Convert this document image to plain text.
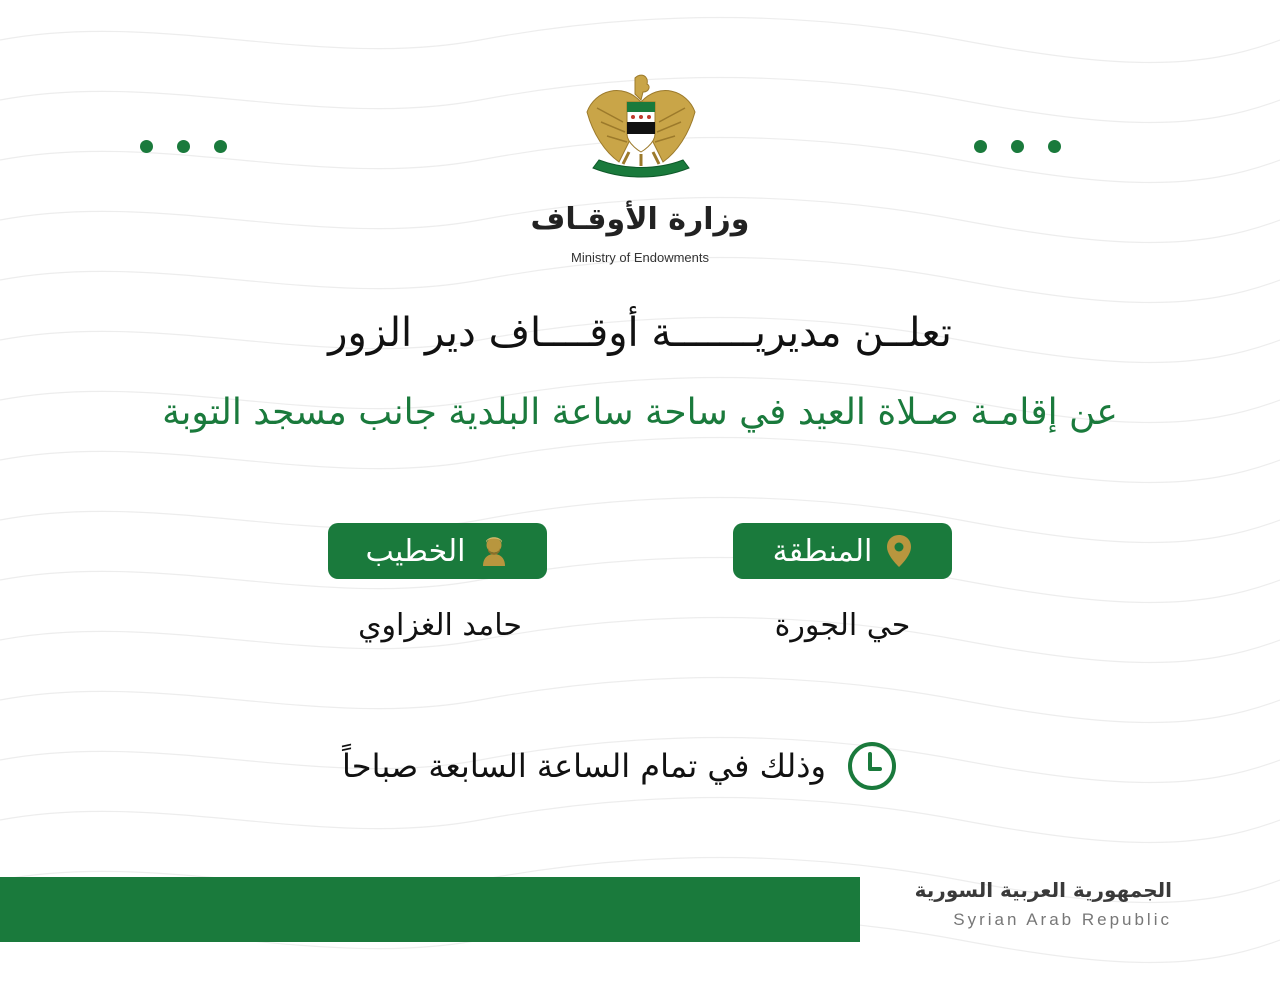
وزارة الأوقـاف
Ministry of Endowments
تعلــن مديريـــــــة أوقــــاف دير الزور
عن إقامـة صـلاة العيد في ساحة ساعة البلدية جانب مسجد التوبة
المنطقة
الخطيب
حي الجورة
حامد الغزاوي
وذلك في تمام الساعة السابعة صباحاً
الجمهورية العربية السورية
Syrian Arab Republic
